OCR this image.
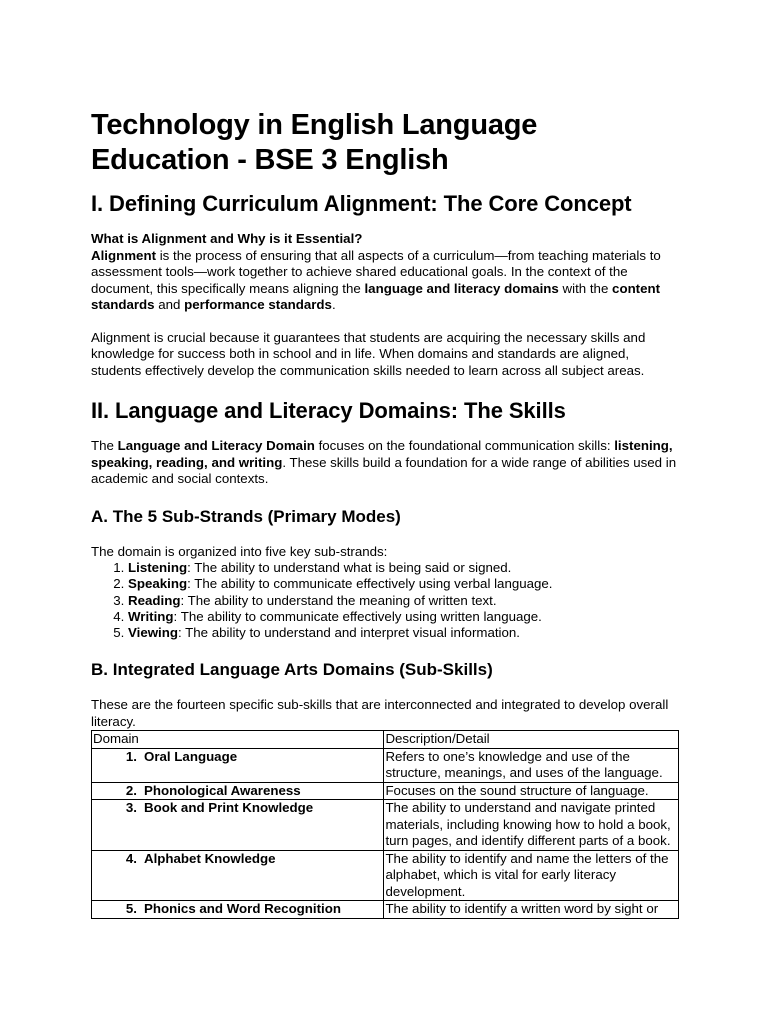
Technology in English Language Education - BSE 3 English
I. Defining Curriculum Alignment: The Core Concept

What is Alignment and Why is it Essential?

Alignment is the process of ensuring that all aspects of a curriculum—from teaching materials to assessment tools—work together to achieve shared educational goals. In the context of the document, this specifically means aligning the language and literacy domains with the content standards and performance standards.

Alignment is crucial because it guarantees that students are acquiring the necessary skills and knowledge for success both in school and in life. When domains and standards are aligned, students effectively develop the communication skills needed to learn across all subject areas.

II. Language and Literacy Domains: The Skills

The Language and Literacy Domain focuses on the foundational communication skills: listening, speaking, reading, and writing. These skills build a foundation for a wide range of abilities used in academic and social contexts.

A. The 5 Sub-Strands (Primary Modes)

The domain is organized into five key sub-strands:

1. Listening: The ability to understand what is being said or signed.
2. Speaking: The ability to communicate effectively using verbal language.
3. Reading: The ability to understand the meaning of written text.
4. Writing: The ability to communicate effectively using written language.
5. Viewing: The ability to understand and interpret visual information.
B. Integrated Language Arts Domains (Sub-Skills)

These are the fourteen specific sub-skills that are interconnected and integrated to develop overall literacy.

Domain	Description/Detail
1. Oral Language	Refers to one’s knowledge and use of the structure, meanings, and uses of the language.
2. Phonological Awareness	Focuses on the sound structure of language.
3. Book and Print Knowledge	The ability to understand and navigate printed materials, including knowing how to hold a book, turn pages, and identify different parts of a book.
4. Alphabet Knowledge	The ability to identify and name the letters of the alphabet, which is vital for early literacy development.
5. Phonics and Word Recognition	The ability to identify a written word by sight or
